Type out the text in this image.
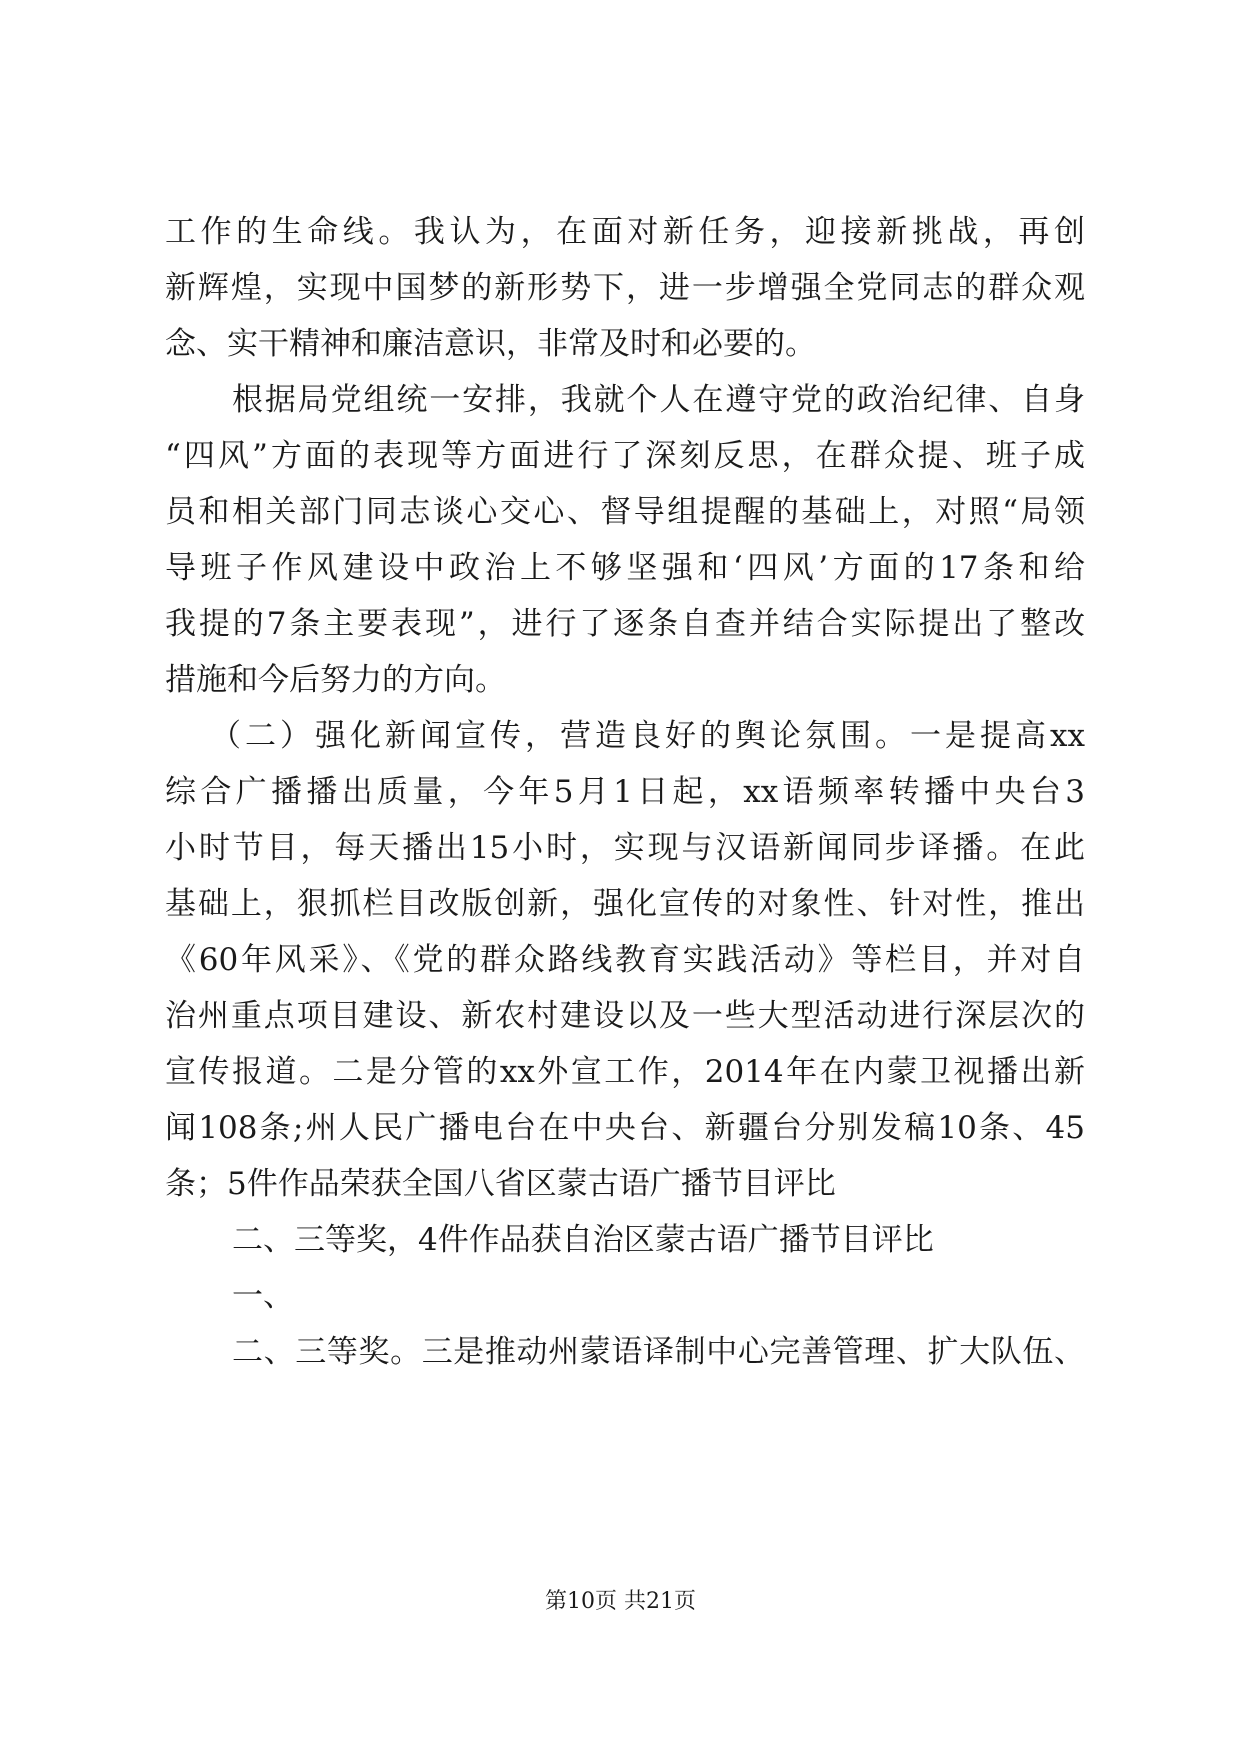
工作的生命线。我认为，在面对新任务，迎接新挑战，再创
新辉煌，实现中国梦的新形势下，进一步增强全党同志的群众观
念、实干精神和廉洁意识，非常及时和必要的。
根据局党组统一安排，我就个人在遵守党的政治纪律、自身
“四风”方面的表现等方面进行了深刻反思，在群众提、班子成
员和相关部门同志谈心交心、督导组提醒的基础上，对照“局领
导班子作风建设中政治上不够坚强和‘四风’方面的17条和给
我提的7条主要表现”，进行了逐条自查并结合实际提出了整改
措施和今后努力的方向。
（二）强化新闻宣传，营造良好的舆论氛围。一是提高xx
综合广播播出质量，今年5月1日起，xx语频率转播中央台3
小时节目，每天播出15小时，实现与汉语新闻同步译播。在此
基础上，狠抓栏目改版创新，强化宣传的对象性、针对性，推出
《60年风采》、《党的群众路线教育实践活动》等栏目，并对自
治州重点项目建设、新农村建设以及一些大型活动进行深层次的
宣传报道。二是分管的xx外宣工作，2014年在内蒙卫视播出新
闻108条;州人民广播电台在中央台、新疆台分别发稿10条、45
条；5件作品荣获全国八省区蒙古语广播节目评比
二、三等奖，4件作品获自治区蒙古语广播节目评比
一、
二、三等奖。三是推动州蒙语译制中心完善管理、扩大队伍、
第10页 共21页
